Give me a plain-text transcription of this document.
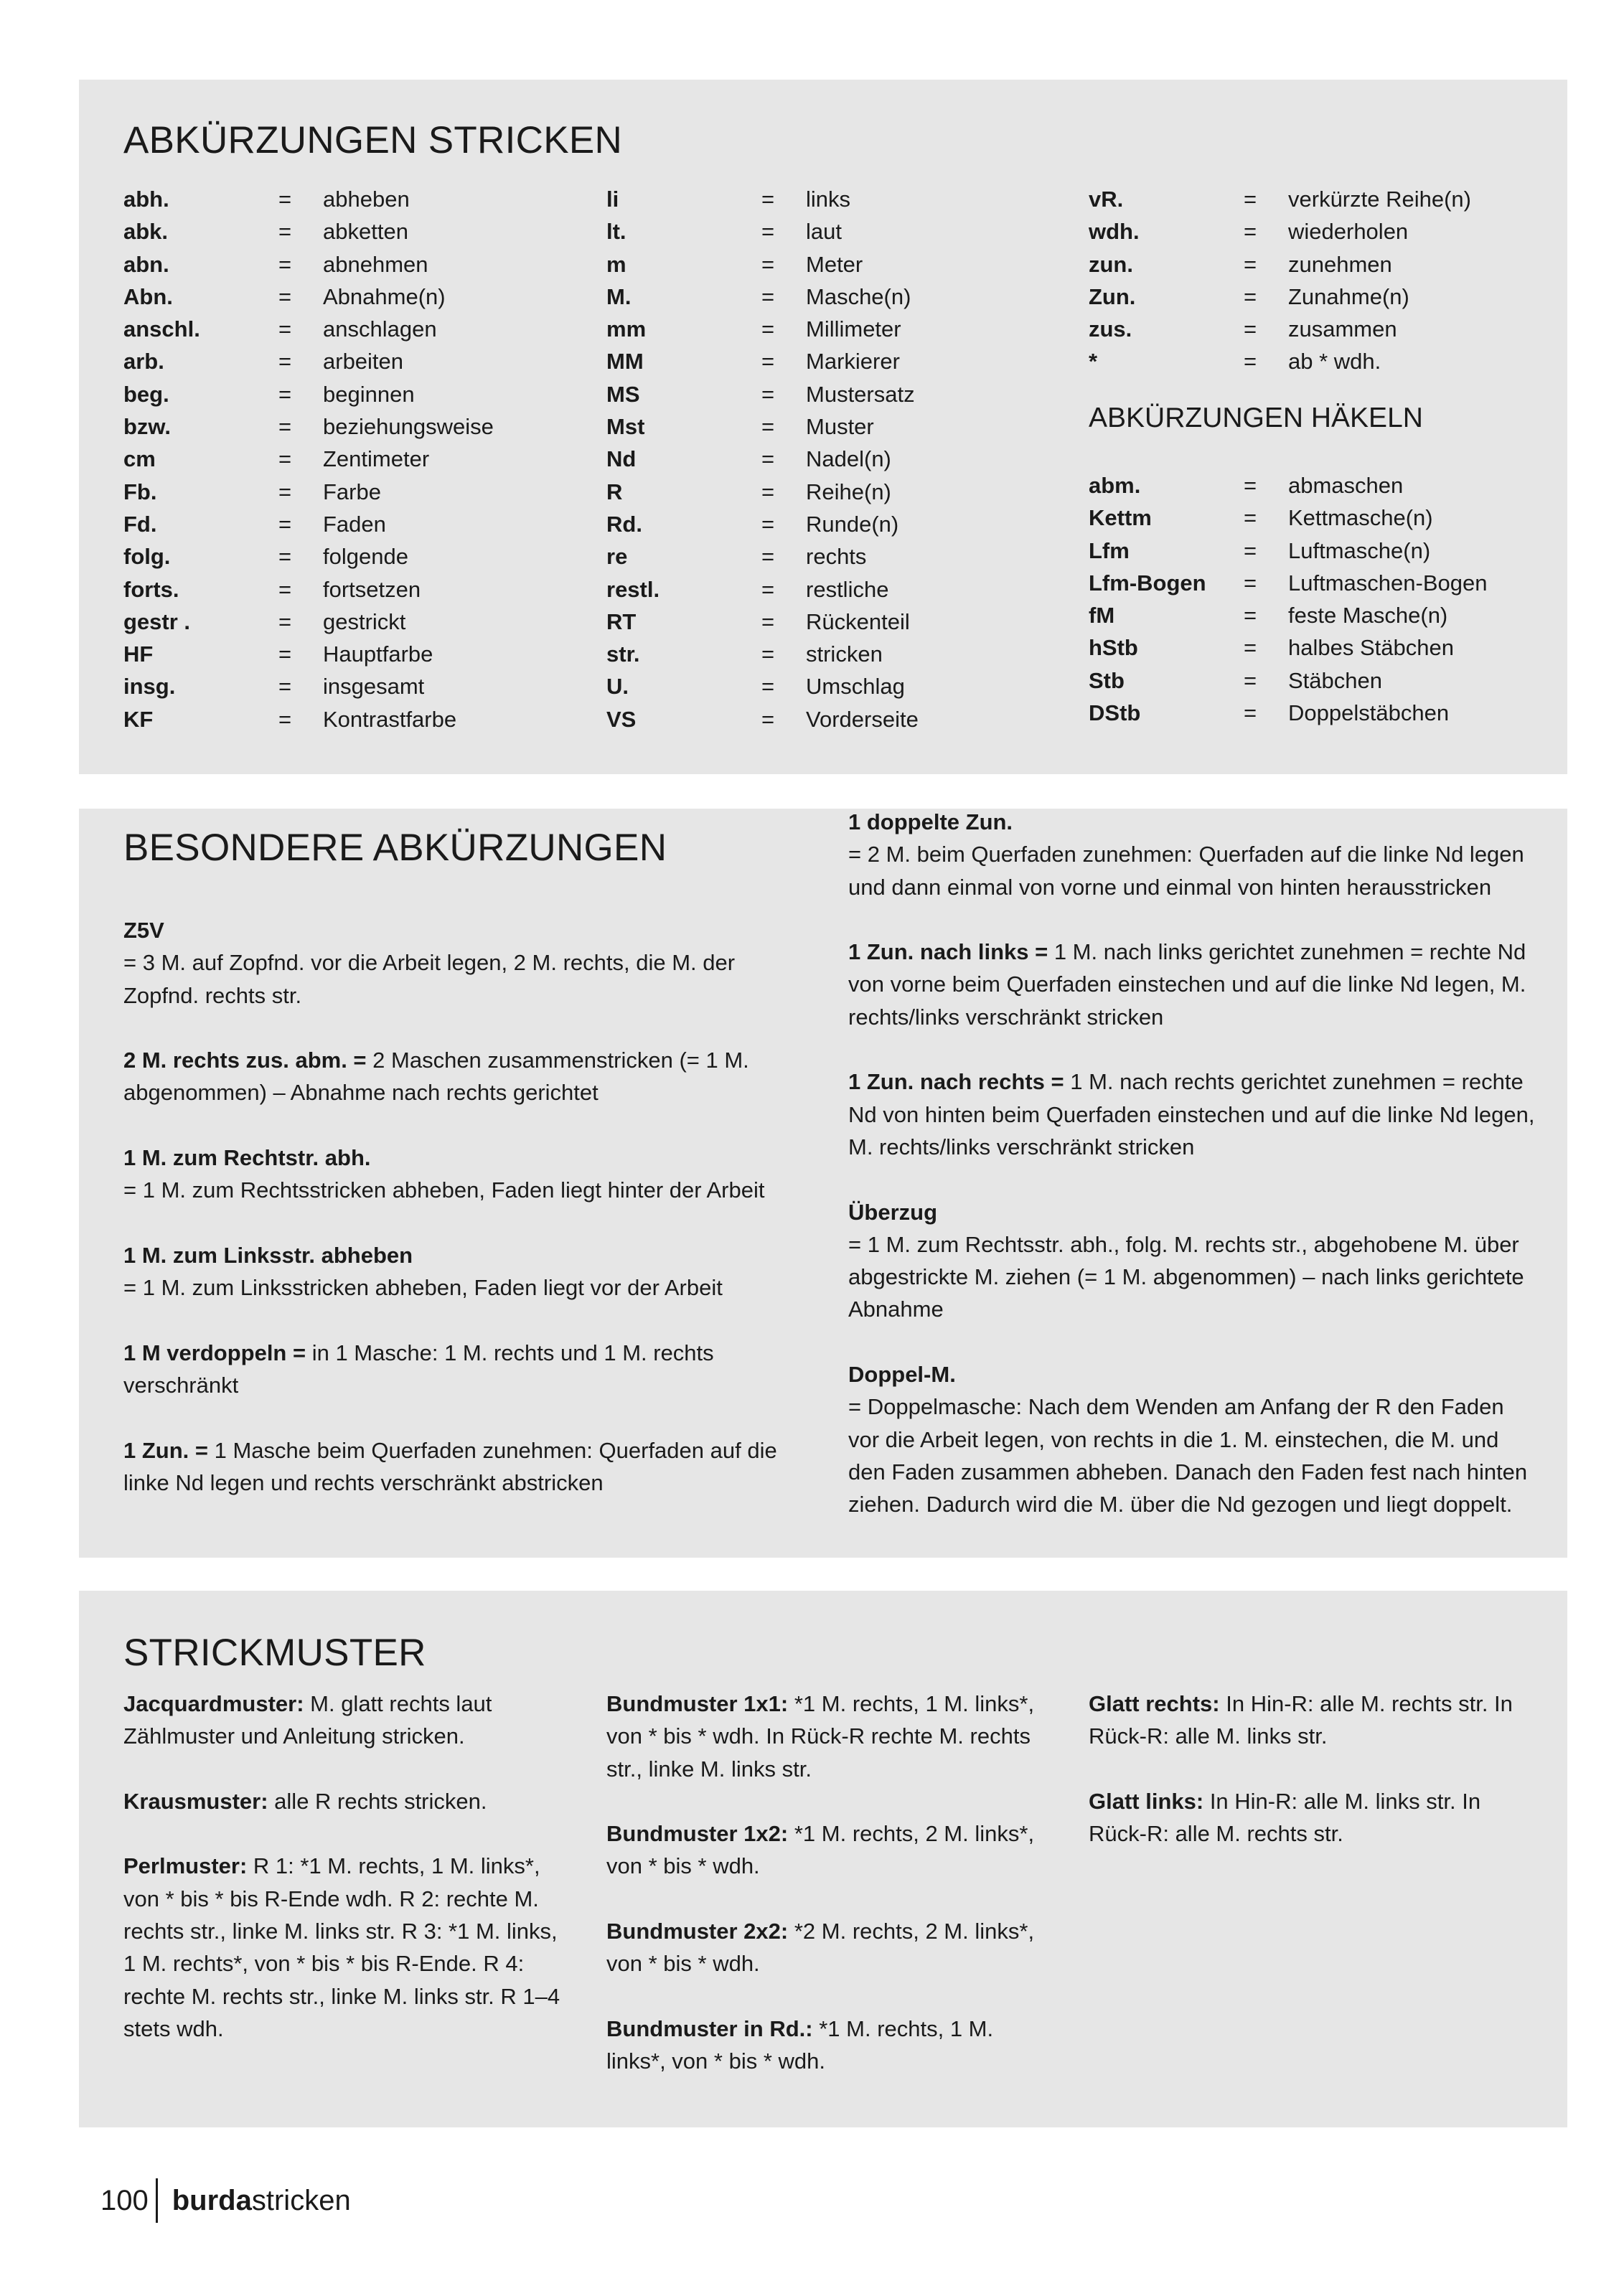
ABKÜRZUNGEN STRICKEN
abh.	= abheben
abk.	= abketten
abn.	= abnehmen
Abn.	= Abnahme(n)
anschl.	= anschlagen
arb.	= arbeiten
beg.	= beginnen
bzw.	= beziehungsweise
cm	= Zentimeter
Fb.	= Farbe
Fd.	= Faden
folg.	= folgende
forts.	= fortsetzen
gestr .	= gestrickt
HF	= Hauptfarbe
insg.	= insgesamt
KF	= Kontrastfarbe
li	= links
lt.	= laut
m	= Meter
M.	= Masche(n)
mm	= Millimeter
MM	= Markierer
MS	= Mustersatz
Mst	= Muster
Nd	= Nadel(n)
R	= Reihe(n)
Rd.	= Runde(n)
re	= rechts
restl.	= restliche
RT	= Rückenteil
str.	= stricken
U.	= Umschlag
VS	= Vorderseite
vR.	= verkürzte Reihe(n)
wdh.	= wiederholen
zun.	= zunehmen
Zun.	= Zunahme(n)
zus.	= zusammen
*	= ab * wdh.
ABKÜRZUNGEN HÄKELN
abm.	= abmaschen
Kettm	= Kettmasche(n)
Lfm	= Luftmasche(n)
Lfm-Bogen = Luftmaschen-Bogen
fM	= feste Masche(n)
hStb	= halbes Stäbchen
Stb	= Stäbchen
DStb	= Doppelstäbchen
BESONDERE ABKÜRZUNGEN

Z5V
= 3 M. auf Zopfnd. vor die Arbeit legen, 2 M. rechts, die M. der Zopfnd. rechts str.

2 M. rechts zus. abm. = 2 Maschen zusammenstricken (= 1 M. abgenommen) – Abnahme nach rechts gerichtet

1 M. zum Rechtstr. abh.
= 1 M. zum Rechtsstricken abheben, Faden liegt hinter der Arbeit

1 M. zum Linksstr. abheben
= 1 M. zum Linksstricken abheben, Faden liegt vor der Arbeit

1 M verdoppeln = in 1 Masche: 1 M. rechts und 1 M. rechts verschränkt

1 Zun. = 1 Masche beim Querfaden zunehmen: Querfaden auf die linke Nd legen und rechts verschränkt abstricken

1 doppelte Zun.
= 2 M. beim Querfaden zunehmen: Querfaden auf die linke Nd legen und dann einmal von vorne und einmal von hinten herausstricken

1 Zun. nach links = 1 M. nach links gerichtet zunehmen = rechte Nd von vorne beim Querfaden einstechen und auf die linke Nd legen, M. rechts/links verschränkt stricken

1 Zun. nach rechts = 1 M. nach rechts gerichtet zunehmen = rechte Nd von hinten beim Querfaden einstechen und auf die linke Nd legen, M. rechts/links verschränkt stricken

Überzug
= 1 M. zum Rechtsstr. abh., folg. M. rechts str., abgehobene M. über abgestrickte M. ziehen (= 1 M. abgenommen) – nach links gerichtete Abnahme

Doppel-M.
= Doppelmasche: Nach dem Wenden am Anfang der R den Faden vor die Arbeit legen, von rechts in die 1. M. einstechen, die M. und den Faden zusammen abheben. Danach den Faden fest nach hinten ziehen. Dadurch wird die M. über die Nd gezogen und liegt doppelt.

STRICKMUSTER

Jacquardmuster: M. glatt rechts laut Zählmuster und Anleitung stricken.

Krausmuster: alle R rechts stricken.

Perlmuster: R 1: *1 M. rechts, 1 M. links*, von * bis * bis R-Ende wdh. R 2: rechte M. rechts str., linke M. links str. R 3: *1 M. links, 1 M. rechts*, von * bis * bis R-Ende. R 4: rechte M. rechts str., linke M. links str. R 1–4 stets wdh.

Bundmuster 1x1: *1 M. rechts, 1 M. links*, von * bis * wdh. In Rück-R rechte M. rechts str., linke M. links str.

Bundmuster 1x2: *1 M. rechts, 2 M. links*, von * bis * wdh.

Bundmuster 2x2: *2 M. rechts, 2 M. links*, von * bis * wdh.

Bundmuster in Rd.: *1 M. rechts, 1 M. links*, von * bis * wdh.

Glatt rechts: In Hin-R: alle M. rechts str. In Rück-R: alle M. links str.

Glatt links: In Hin-R: alle M. links str. In Rück-R: alle M. rechts str.

100 burda stricken
